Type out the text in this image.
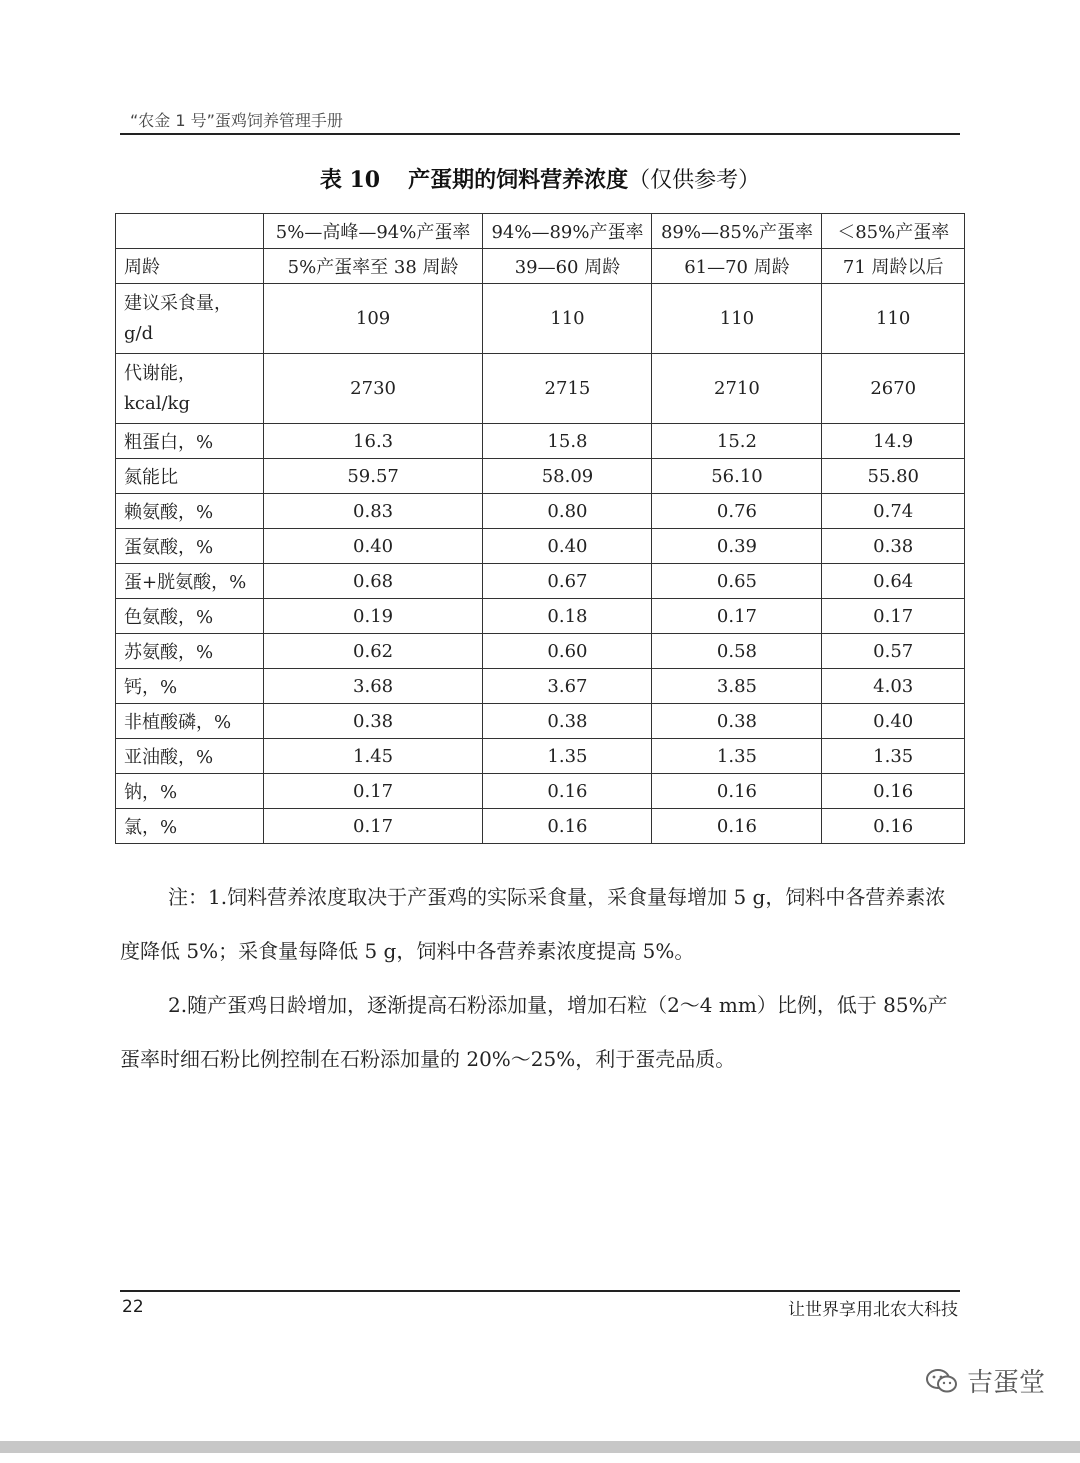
“农金 1 号”蛋鸡饲养管理手册
表 10 产蛋期的饲料营养浓度（仅供参考）
	5%—高峰—94%产蛋率	94%—89%产蛋率	89%—85%产蛋率	＜85%产蛋率
周龄	5%产蛋率至 38 周龄	39—60 周龄	61—70 周龄	71 周龄以后

建议采食量，
g/d	109	110	110	110

代谢能，
kcal/kg	2730	2715	2710	2670
粗蛋白，%	16.3	15.8	15.2	14.9
氮能比	59.57	58.09	56.10	55.80
赖氨酸，%	0.83	0.80	0.76	0.74
蛋氨酸，%	0.40	0.40	0.39	0.38
蛋+胱氨酸，%	0.68	0.67	0.65	0.64
色氨酸，%	0.19	0.18	0.17	0.17
苏氨酸，%	0.62	0.60	0.58	0.57
钙，%	3.68	3.67	3.85	4.03
非植酸磷，%	0.38	0.38	0.38	0.40
亚油酸，%	1.45	1.35	1.35	1.35
钠，%	0.17	0.16	0.16	0.16
氯，%	0.17	0.16	0.16	0.16

注：1.饲料营养浓度取决于产蛋鸡的实际采食量，采食量每增加 5 g，饲料中各营养素浓度降低 5%；采食量每降低 5 g，饲料中各营养素浓度提高 5%。

2.随产蛋鸡日龄增加，逐渐提高石粉添加量，增加石粒（2～4 mm）比例，低于 85%产蛋率时细石粉比例控制在石粉添加量的 20%～25%，利于蛋壳品质。

22	让世界享用北农大科技
吉蛋堂
